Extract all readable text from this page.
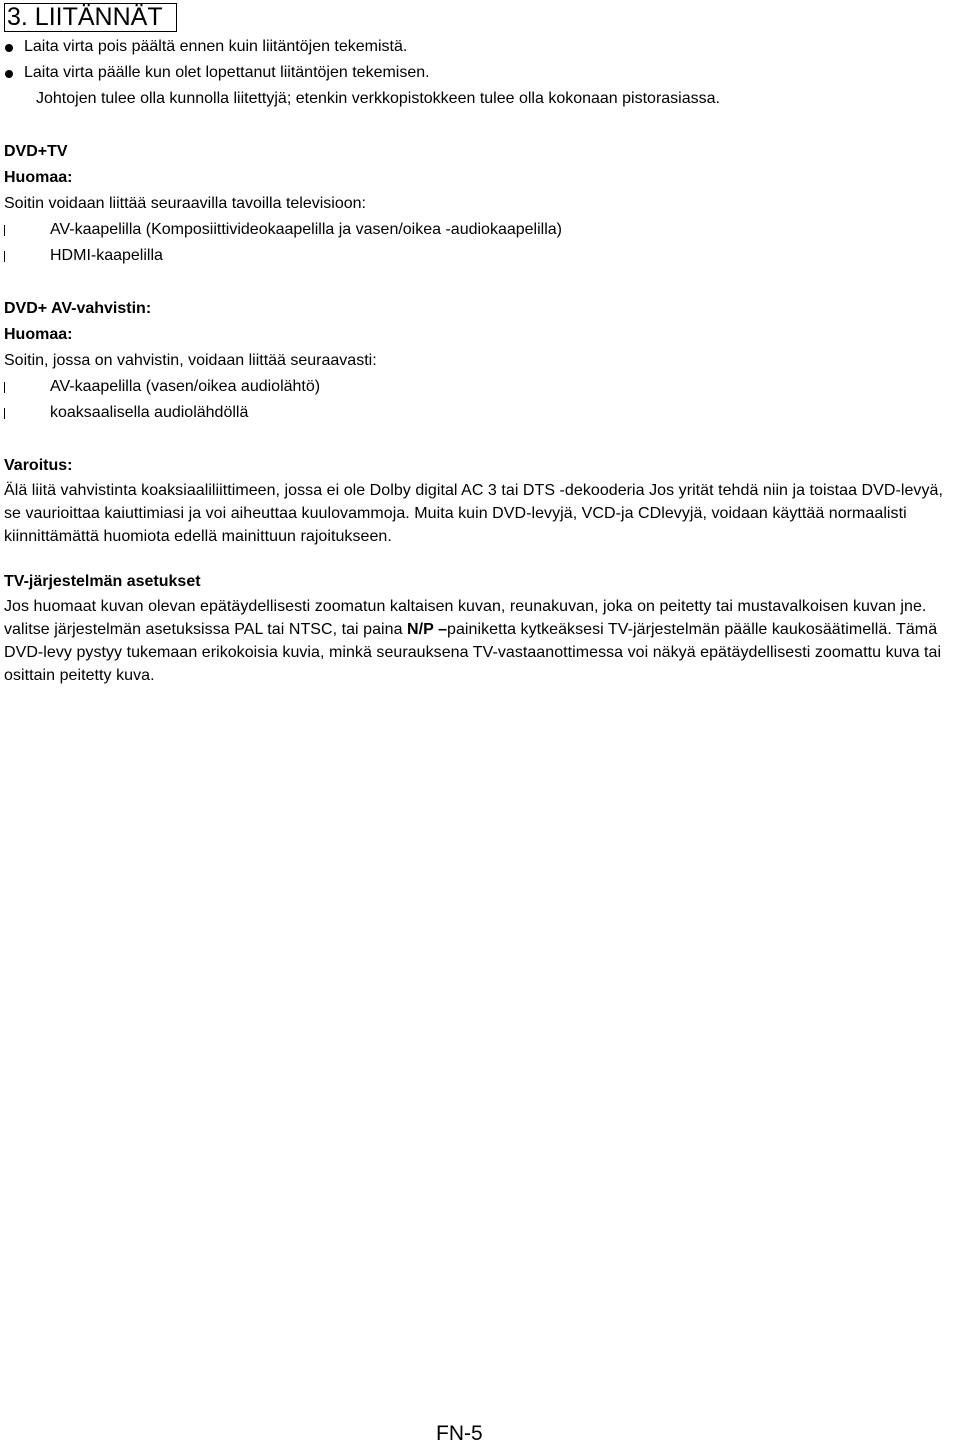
3. LIITÄNNÄT
Laita virta pois päältä ennen kuin liitäntöjen tekemistä.
Laita virta päälle kun olet lopettanut liitäntöjen tekemisen.
Johtojen tulee olla kunnolla liitettyjä; etenkin verkkopistokkeen tulee olla kokonaan pistorasiassa.
DVD+TV
Huomaa:
Soitin voidaan liittää seuraavilla tavoilla televisioon:
AV-kaapelilla (Komposiittivideokaapelilla ja vasen/oikea -audiokaapelilla)
HDMI-kaapelilla
DVD+ AV-vahvistin:
Huomaa:
Soitin, jossa on vahvistin, voidaan liittää seuraavasti:
AV-kaapelilla (vasen/oikea audiolähtö)
koaksaalisella audiolähdöllä
Varoitus:
Älä liitä vahvistinta koaksiaaliliittimeen, jossa ei ole Dolby digital AC 3 tai DTS -dekooderia Jos yrität tehdä niin ja toistaa DVD-levyä, se vaurioittaa kaiuttimiasi ja voi aiheuttaa kuulovammoja. Muita kuin DVD-levyjä, VCD-ja CDlevyjä, voidaan käyttää normaalisti kiinnittämättä huomiota edellä mainittuun rajoitukseen.
TV-järjestelmän asetukset
Jos huomaat kuvan olevan epätäydellisesti zoomatun kaltaisen kuvan, reunakuvan, joka on peitetty tai mustavalkoisen kuvan jne. valitse järjestelmän asetuksissa PAL tai NTSC, tai paina N/P –painiketta kytkeäksesi TV-järjestelmän päälle kaukosäätimellä. Tämä DVD-levy pystyy tukemaan erikokoisia kuvia, minkä seurauksena TV-vastaanottimessa voi näkyä epätäydellisesti zoomattu kuva tai osittain peitetty kuva.
FN-5
